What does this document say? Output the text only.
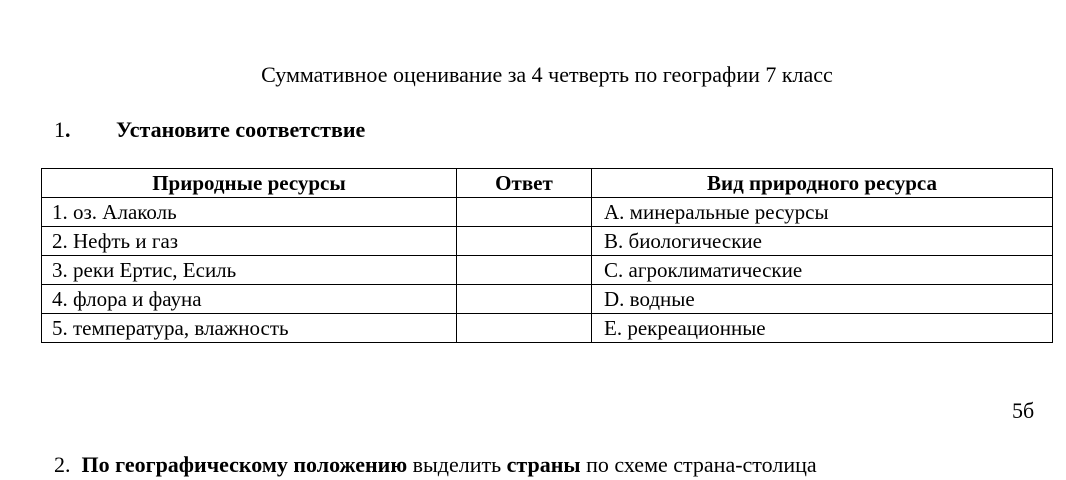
Суммативное оценивание за 4 четверть по географии 7 класс
1. Установите соответствие
Природные ресурсы	Ответ	Вид природного ресурса
1. оз. Алаколь		А. минеральные ресурсы
2. Нефть и газ		В. биологические
3. реки Ертис, Есиль		С. агроклиматические
4. флора и фауна		D. водные
5. температура, влажность		E. рекреационные
5б
2. По географическому положению выделить страны по схеме страна-столица
